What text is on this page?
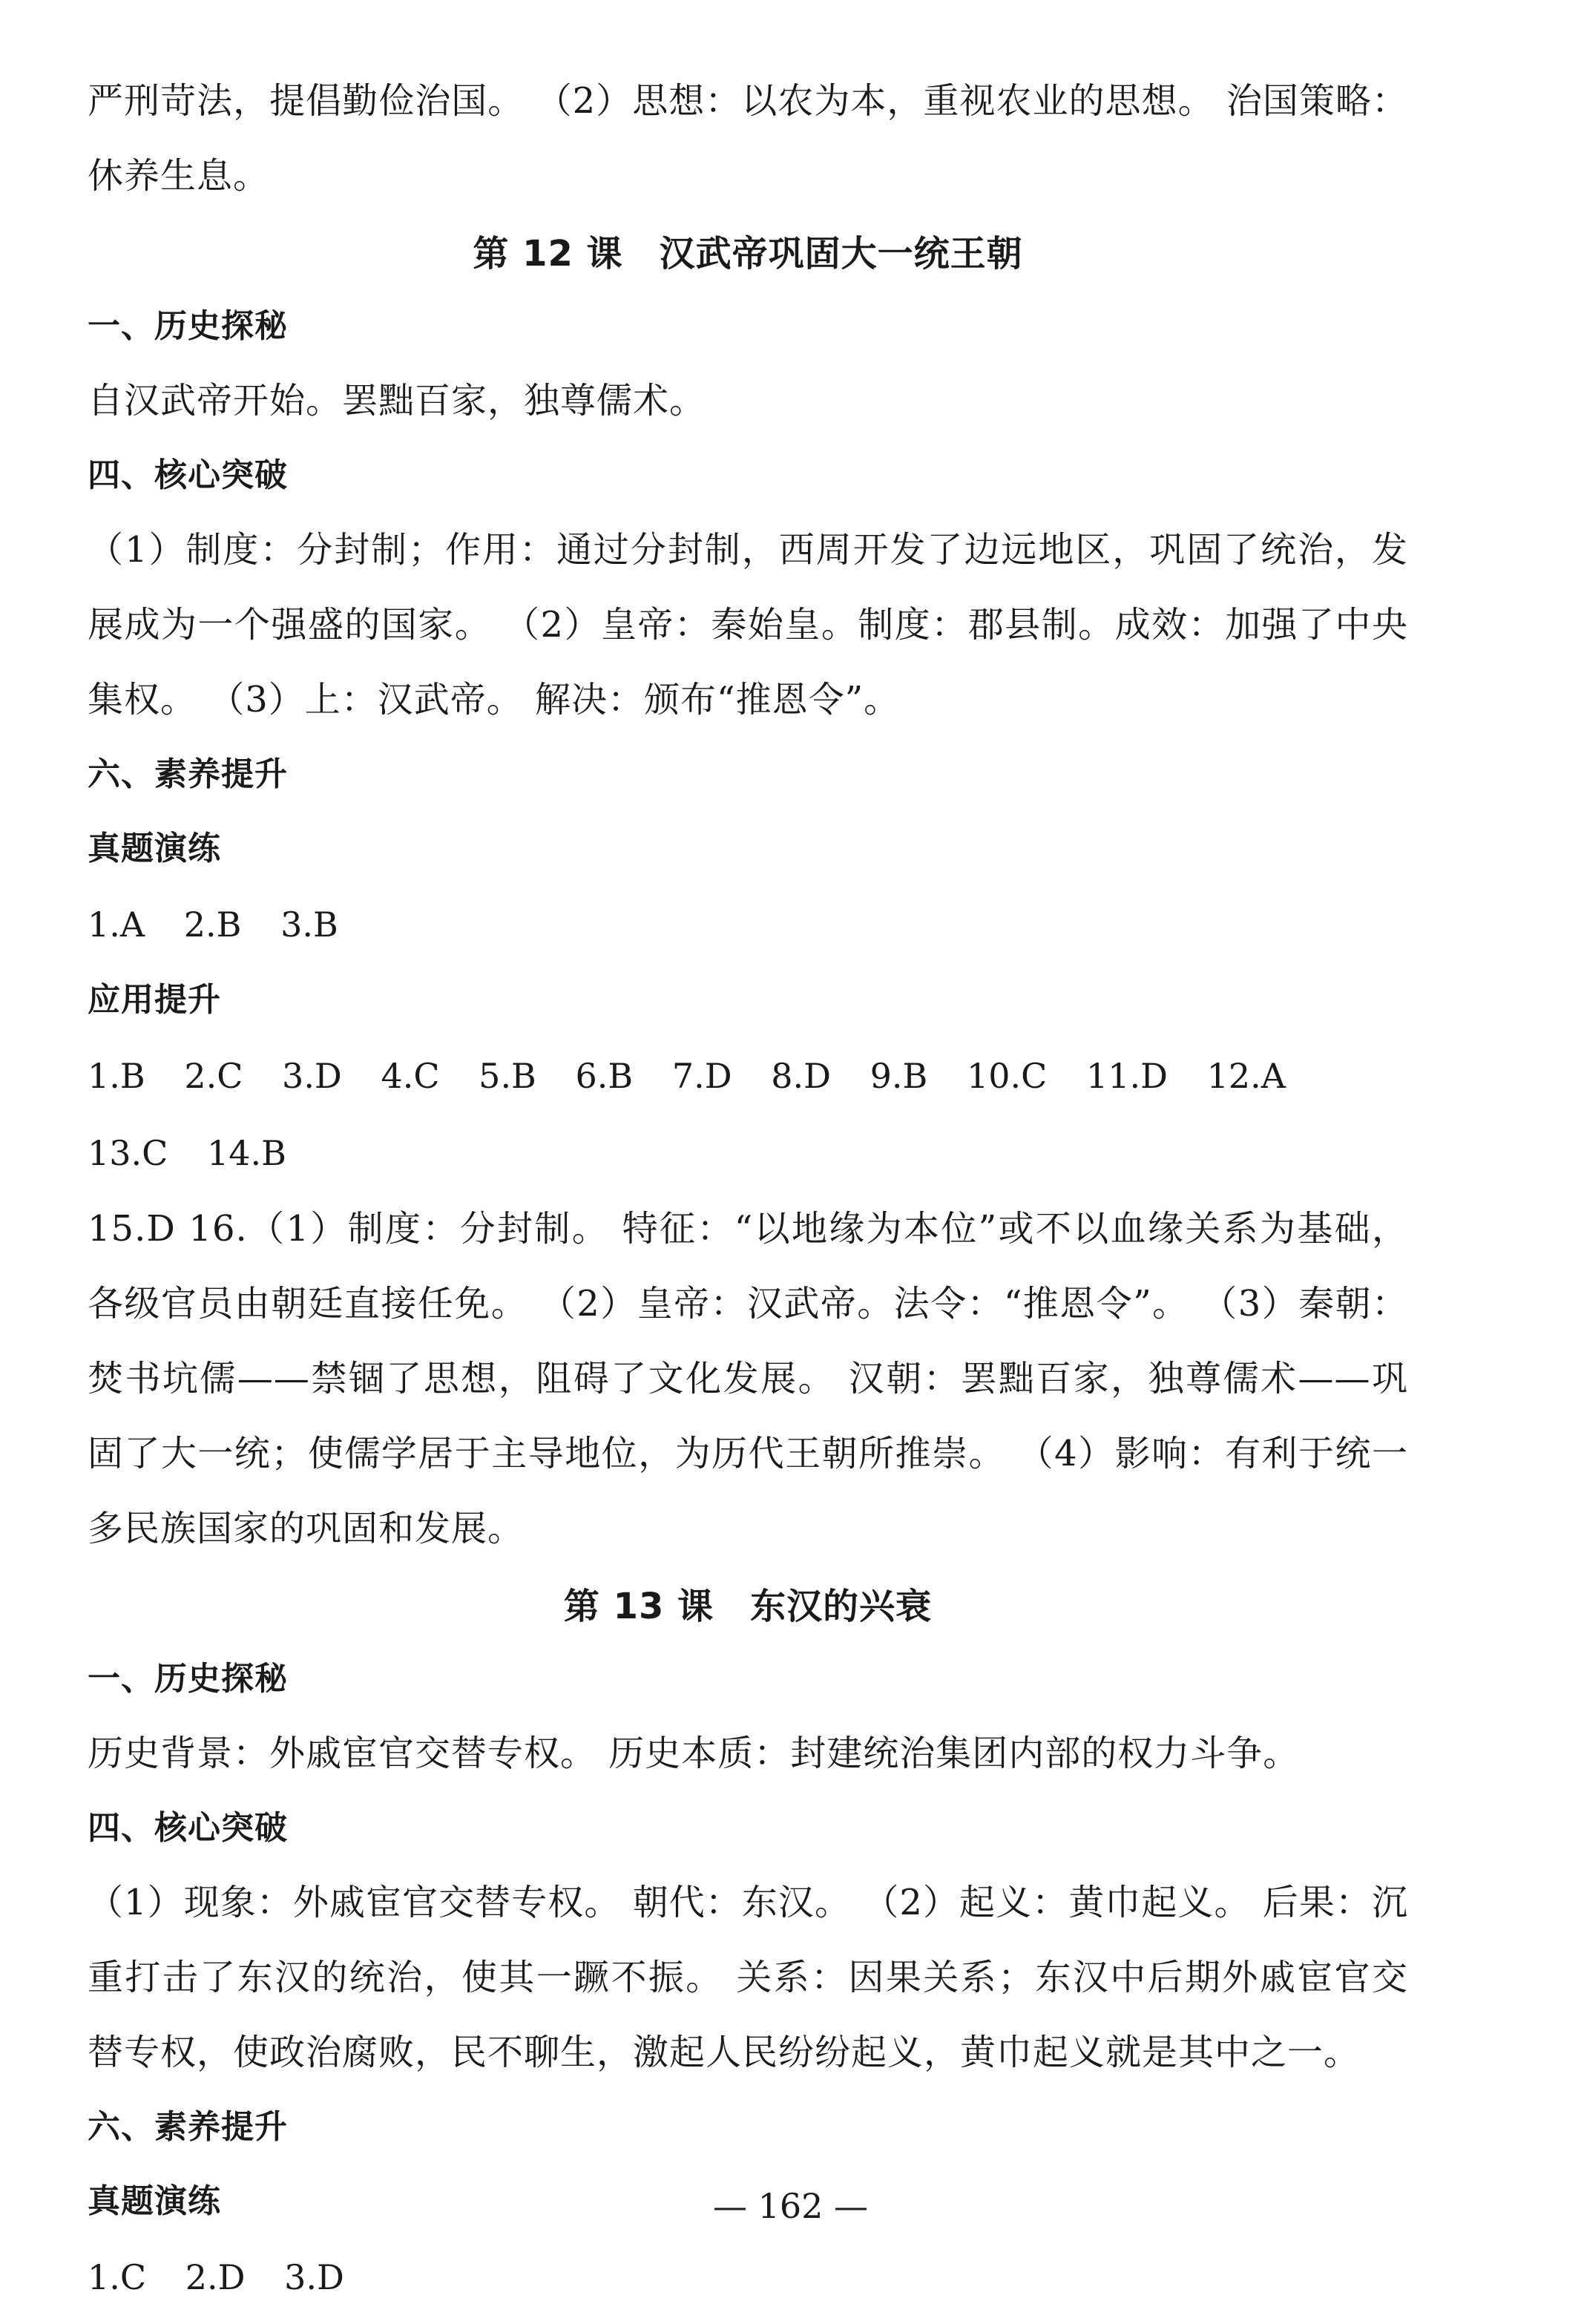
严刑苛法，提倡勤俭治国。 （2）思想：以农为本，重视农业的思想。 治国策略：休养生息。

第 12 课　汉武帝巩固大一统王朝
一、历史探秘

自汉武帝开始。罢黜百家，独尊儒术。

四、核心突破

（1）制度：分封制；作用：通过分封制，西周开发了边远地区，巩固了统治，发展成为一个强盛的国家。 （2）皇帝：秦始皇。制度：郡县制。成效：加强了中央集权。 （3）上：汉武帝。 解决：颁布“推恩令”。

六、素养提升
真题演练

1.A 2.B 3.B

应用提升

1.B 2.C 3.D 4.C 5.B 6.B 7.D 8.D 9.B 10.C 11.D 12.A 13.C 14.B

15.D 16.（1）制度：分封制。 特征：“以地缘为本位”或不以血缘关系为基础，各级官员由朝廷直接任免。 （2）皇帝：汉武帝。法令：“推恩令”。 （3）秦朝：焚书坑儒——禁锢了思想，阻碍了文化发展。 汉朝：罢黜百家，独尊儒术——巩固了大一统；使儒学居于主导地位，为历代王朝所推崇。 （4）影响：有利于统一多民族国家的巩固和发展。

第 13 课　东汉的兴衰
一、历史探秘

历史背景：外戚宦官交替专权。 历史本质：封建统治集团内部的权力斗争。

四、核心突破

（1）现象：外戚宦官交替专权。 朝代：东汉。 （2）起义：黄巾起义。 后果：沉重打击了东汉的统治，使其一蹶不振。 关系：因果关系；东汉中后期外戚宦官交替专权，使政治腐败，民不聊生，激起人民纷纷起义，黄巾起义就是其中之一。

六、素养提升
真题演练

1.C 2.D 3.D

— 162 —
